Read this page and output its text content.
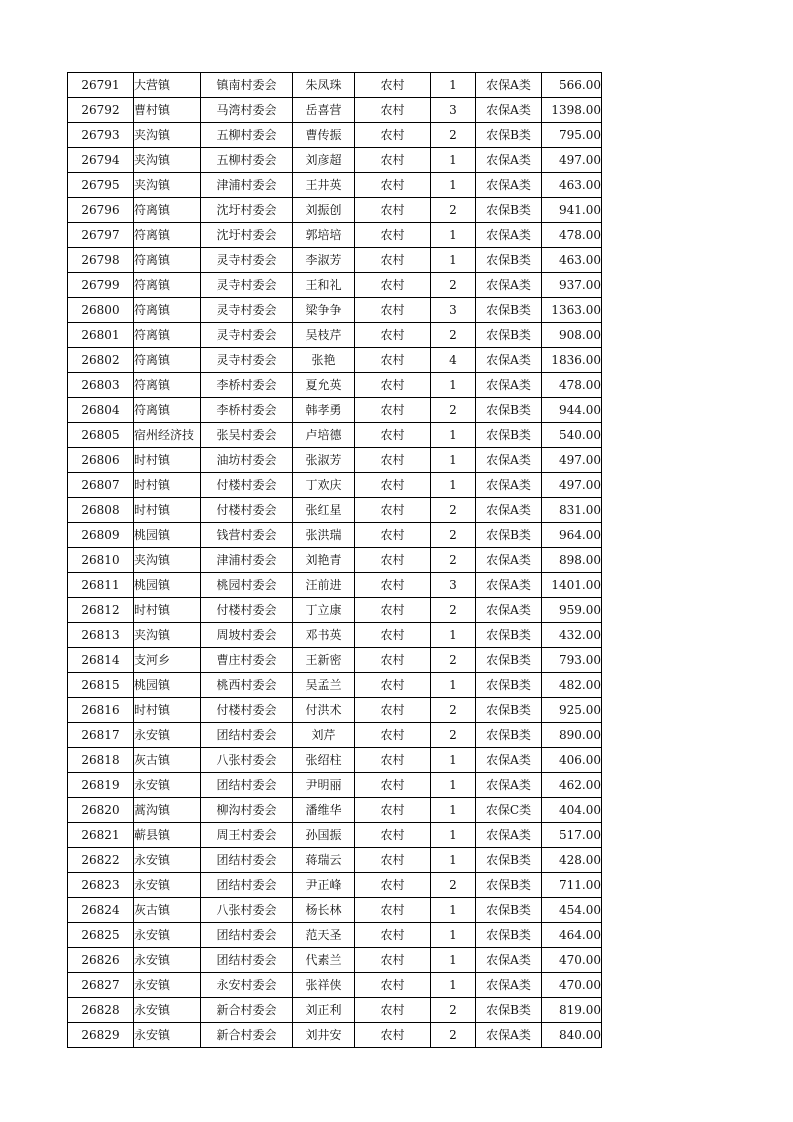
26791	大营镇	镇南村委会	朱凤珠	农村	1	农保A类	566.00
26792	曹村镇	马湾村委会	岳喜营	农村	3	农保A类	1398.00
26793	夹沟镇	五柳村委会	曹传振	农村	2	农保B类	795.00
26794	夹沟镇	五柳村委会	刘彦超	农村	1	农保A类	497.00
26795	夹沟镇	津浦村委会	王井英	农村	1	农保A类	463.00
26796	符离镇	沈圩村委会	刘振创	农村	2	农保B类	941.00
26797	符离镇	沈圩村委会	郭培培	农村	1	农保A类	478.00
26798	符离镇	灵寺村委会	李淑芳	农村	1	农保B类	463.00
26799	符离镇	灵寺村委会	王和礼	农村	2	农保A类	937.00
26800	符离镇	灵寺村委会	梁争争	农村	3	农保B类	1363.00
26801	符离镇	灵寺村委会	吴枝芹	农村	2	农保B类	908.00
26802	符离镇	灵寺村委会	张艳	农村	4	农保A类	1836.00
26803	符离镇	李桥村委会	夏允英	农村	1	农保A类	478.00
26804	符离镇	李桥村委会	韩孝勇	农村	2	农保B类	944.00
26805	宿州经济技	张吴村委会	卢培德	农村	1	农保B类	540.00
26806	时村镇	油坊村委会	张淑芳	农村	1	农保A类	497.00
26807	时村镇	付楼村委会	丁欢庆	农村	1	农保A类	497.00
26808	时村镇	付楼村委会	张红星	农村	2	农保A类	831.00
26809	桃园镇	钱营村委会	张洪瑞	农村	2	农保B类	964.00
26810	夹沟镇	津浦村委会	刘艳青	农村	2	农保A类	898.00
26811	桃园镇	桃园村委会	汪前进	农村	3	农保A类	1401.00
26812	时村镇	付楼村委会	丁立康	农村	2	农保A类	959.00
26813	夹沟镇	周坡村委会	邓书英	农村	1	农保B类	432.00
26814	支河乡	曹庄村委会	王新密	农村	2	农保B类	793.00
26815	桃园镇	桃西村委会	吴孟兰	农村	1	农保B类	482.00
26816	时村镇	付楼村委会	付洪术	农村	2	农保B类	925.00
26817	永安镇	团结村委会	刘芹	农村	2	农保B类	890.00
26818	灰古镇	八张村委会	张绍柱	农村	1	农保A类	406.00
26819	永安镇	团结村委会	尹明丽	农村	1	农保A类	462.00
26820	蒿沟镇	柳沟村委会	潘维华	农村	1	农保C类	404.00
26821	蕲县镇	周王村委会	孙国振	农村	1	农保A类	517.00
26822	永安镇	团结村委会	蒋瑞云	农村	1	农保B类	428.00
26823	永安镇	团结村委会	尹正峰	农村	2	农保B类	711.00
26824	灰古镇	八张村委会	杨长林	农村	1	农保B类	454.00
26825	永安镇	团结村委会	范天圣	农村	1	农保B类	464.00
26826	永安镇	团结村委会	代素兰	农村	1	农保A类	470.00
26827	永安镇	永安村委会	张祥侠	农村	1	农保A类	470.00
26828	永安镇	新合村委会	刘正利	农村	2	农保B类	819.00
26829	永安镇	新合村委会	刘井安	农村	2	农保A类	840.00
